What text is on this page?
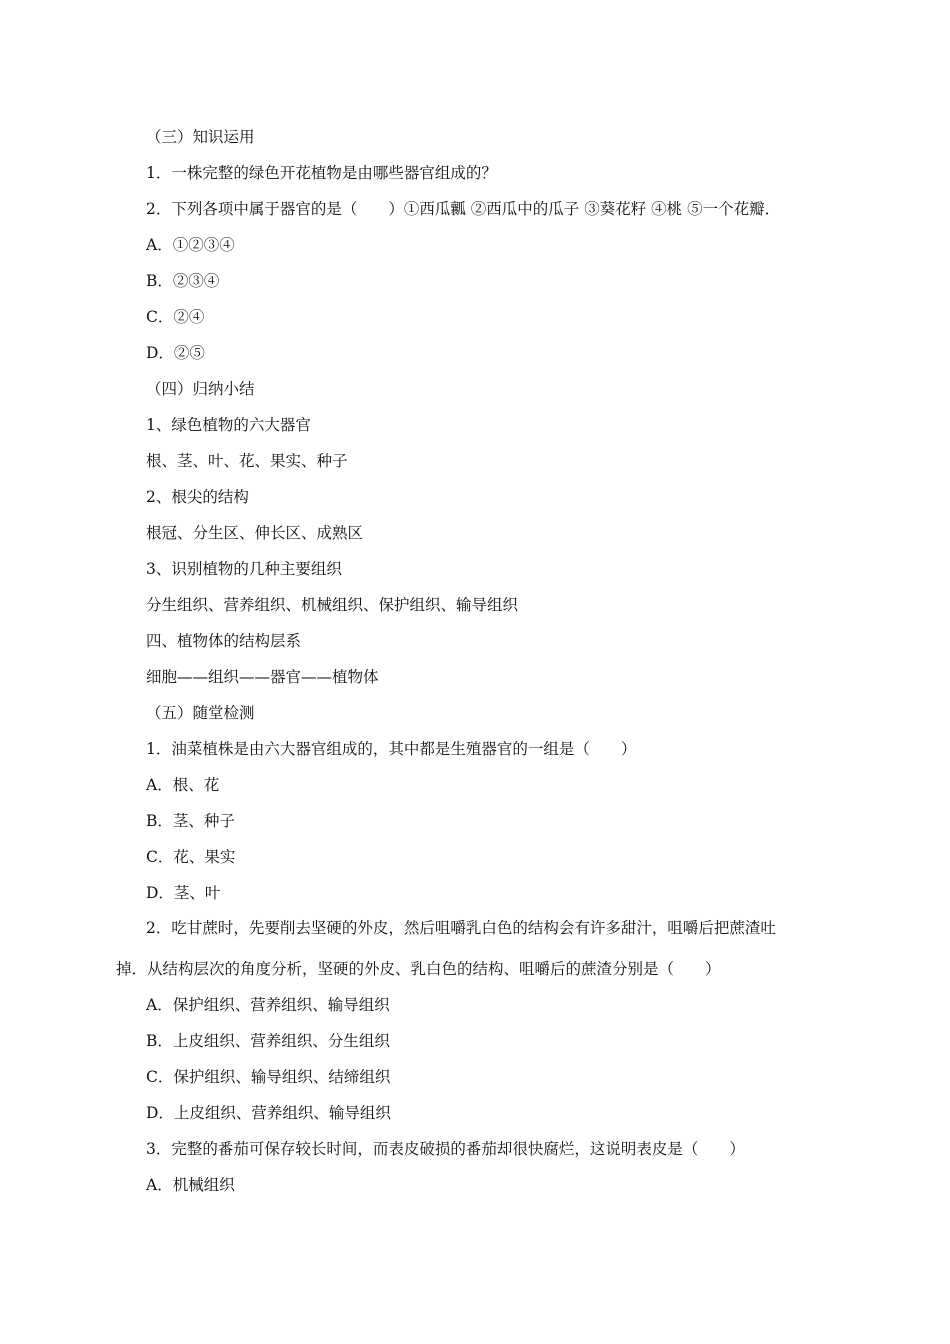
（三）知识运用

1．一株完整的绿色开花植物是由哪些器官组成的？

2．下列各项中属于器官的是（　　）①西瓜瓤 ②西瓜中的瓜子 ③葵花籽 ④桃 ⑤一个花瓣．

A．①②③④

B．②③④

C．②④

D．②⑤

（四）归纳小结

1、绿色植物的六大器官

根、茎、叶、花、果实、种子

2、根尖的结构

根冠、分生区、伸长区、成熟区

3、识别植物的几种主要组织

分生组织、营养组织、机械组织、保护组织、输导组织

四、植物体的结构层系

细胞——组织——器官——植物体

（五）随堂检测

1．油菜植株是由六大器官组成的，其中都是生殖器官的一组是（　　）

A．根、花

B．茎、种子

C．花、果实

D．茎、叶

2．吃甘蔗时，先要削去坚硬的外皮，然后咀嚼乳白色的结构会有许多甜汁，咀嚼后把蔗渣吐

掉．从结构层次的角度分析，坚硬的外皮、乳白色的结构、咀嚼后的蔗渣分别是（　　）

A．保护组织、营养组织、输导组织

B．上皮组织、营养组织、分生组织

C．保护组织、输导组织、结缔组织

D．上皮组织、营养组织、输导组织

3．完整的番茄可保存较长时间，而表皮破损的番茄却很快腐烂，这说明表皮是（　　）

A．机械组织
